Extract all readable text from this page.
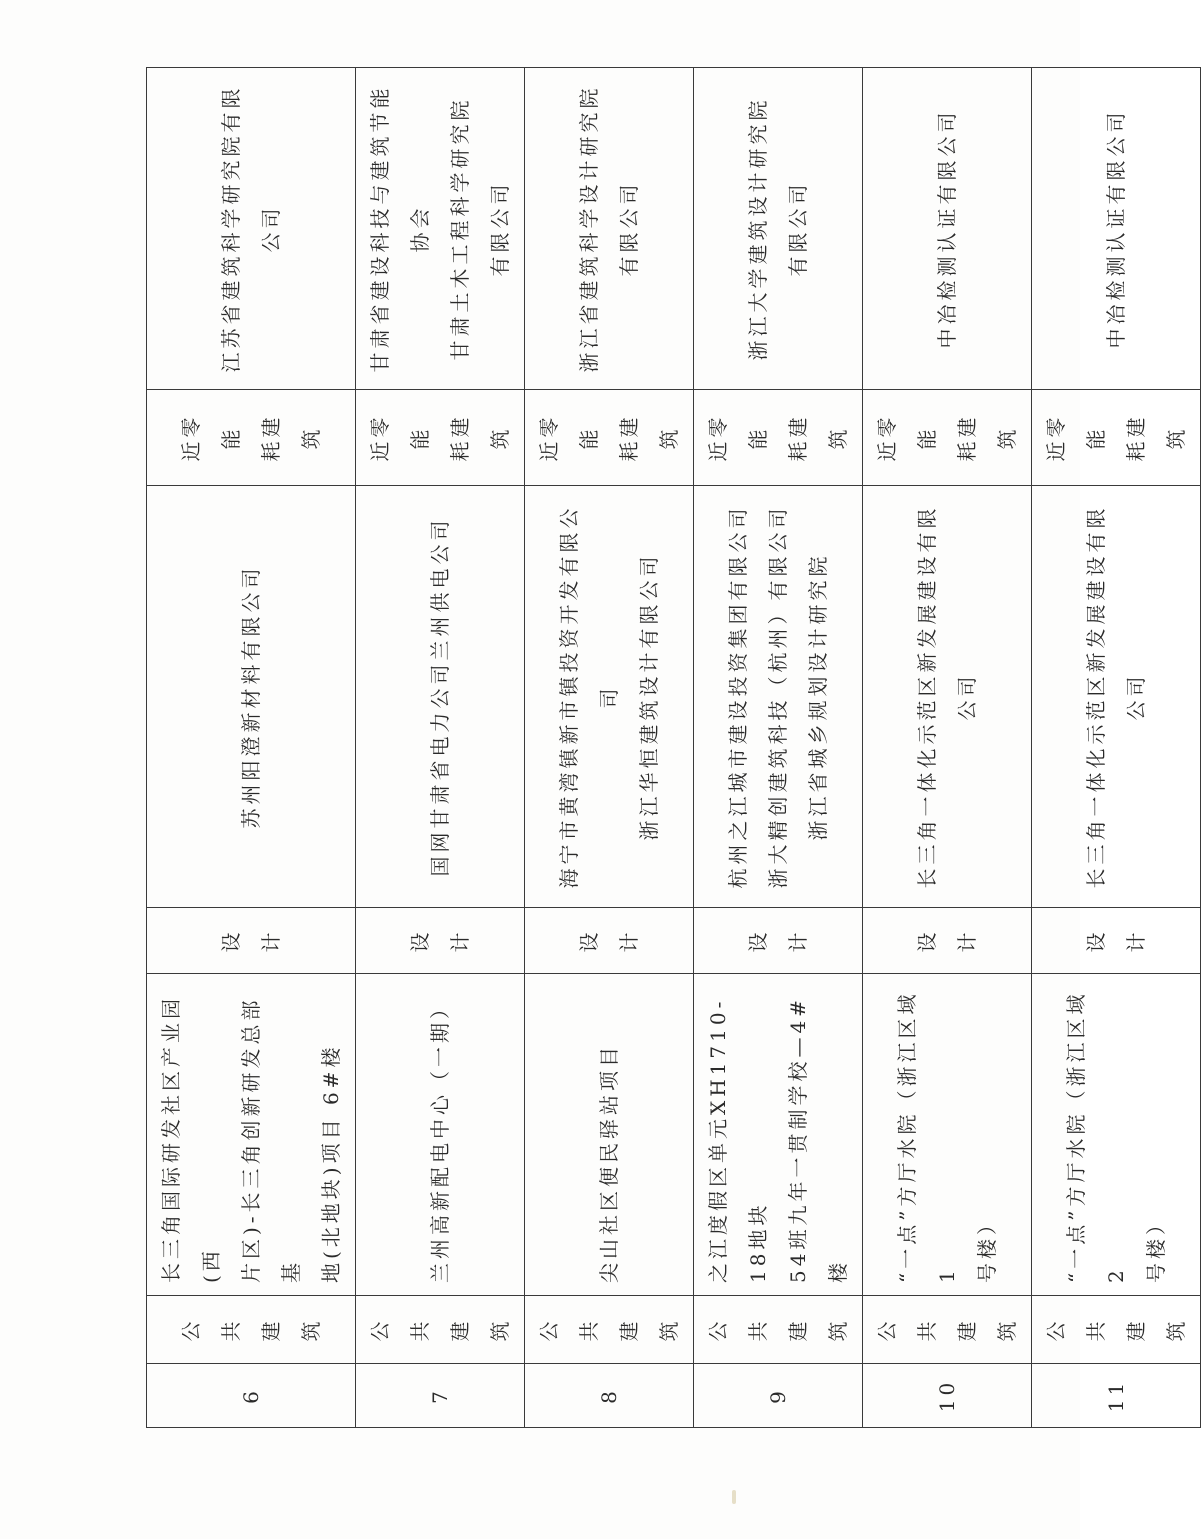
6	公共 建筑	长三角国际研发社区产业园(西 片区)-长三角创新研发总部基 地(北地块)项目 6#楼	设计	苏州阳澄新材料有限公司	近零能 耗建筑	江苏省建筑科学研究院有限公司

7	公共 建筑	兰州高新配电中心（一期）	设计	国网甘肃省电力公司兰州供电公司	近零能 耗建筑	甘肃省建设科技与建筑节能协会 甘肃土木工程科学研究院 有限公司

8	公共 建筑	尖山社区便民驿站项目	设计	海宁市黄湾镇新市镇投资开发有限公司 浙江华恒建筑设计有限公司	近零能 耗建筑	浙江省建筑科学设计研究院 有限公司

9	公共 建筑	之江度假区单元XH1710-18地块 54班九年一贯制学校—4#楼	设计	杭州之江城市建设投资集团有限公司 浙大精创建筑科技（杭州）有限公司 浙江省城乡规划设计研究院	近零能 耗建筑	浙江大学建筑设计研究院 有限公司

10	公共 建筑	“一点”方厅水院（浙江区域1 号楼）	设计	长三角一体化示范区新发展建设有限公司	近零能 耗建筑	中冶检测认证有限公司

11	公共 建筑	“一点”方厅水院（浙江区域2 号楼）	设计	长三角一体化示范区新发展建设有限公司	近零能 耗建筑	中冶检测认证有限公司
